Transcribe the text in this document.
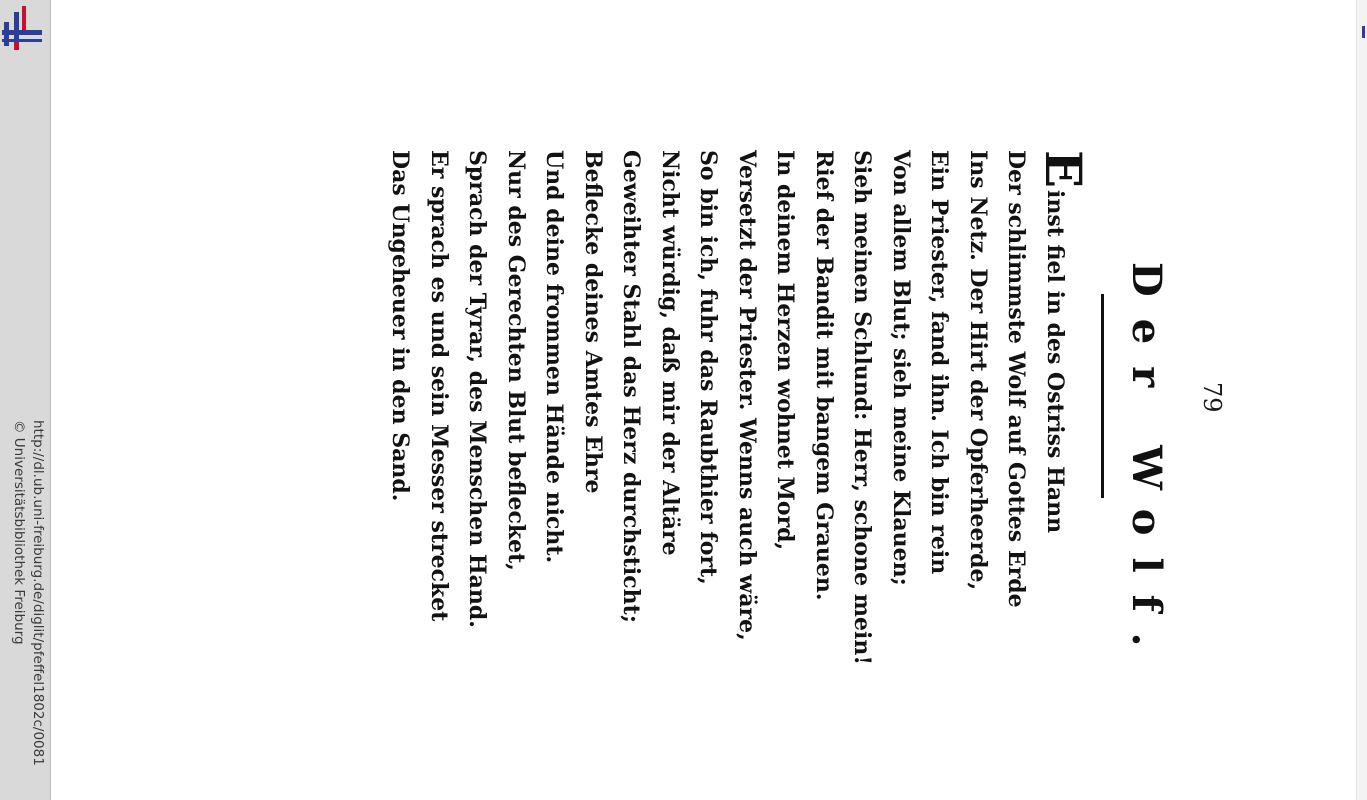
http://dl.ub.uni-freiburg.de/diglit/pfeffel1802c/0081
© Universitätsbibliothek Freiburg
79
Der Wolf.
E
inst fiel in des Ostriss Hann
Der schlimmste Wolf auf Gottes Erde
Ins Netz. Der Hirt der Opferheerde,
Ein Priester, fand ihn. Ich bin rein
Von allem Blut; sieh meine Klauen;
Sieh meinen Schlund: Herr, schone mein!
Rief der Bandit mit bangem Grauen.
In deinem Herzen wohnet Mord,
Versetzt der Priester. Wenns auch wäre,
So bin ich, fuhr das Raubthier fort,
Nicht würdig, daß mir der Altäre
Geweihter Stahl das Herz durchsticht;
Beflecke deines Amtes Ehre
Und deine frommen Hände nicht.
Nur des Gerechten Blut beflecket,
Sprach der Tyrar, des Menschen Hand.
Er sprach es und sein Messer strecket
Das Ungeheuer in den Sand.
